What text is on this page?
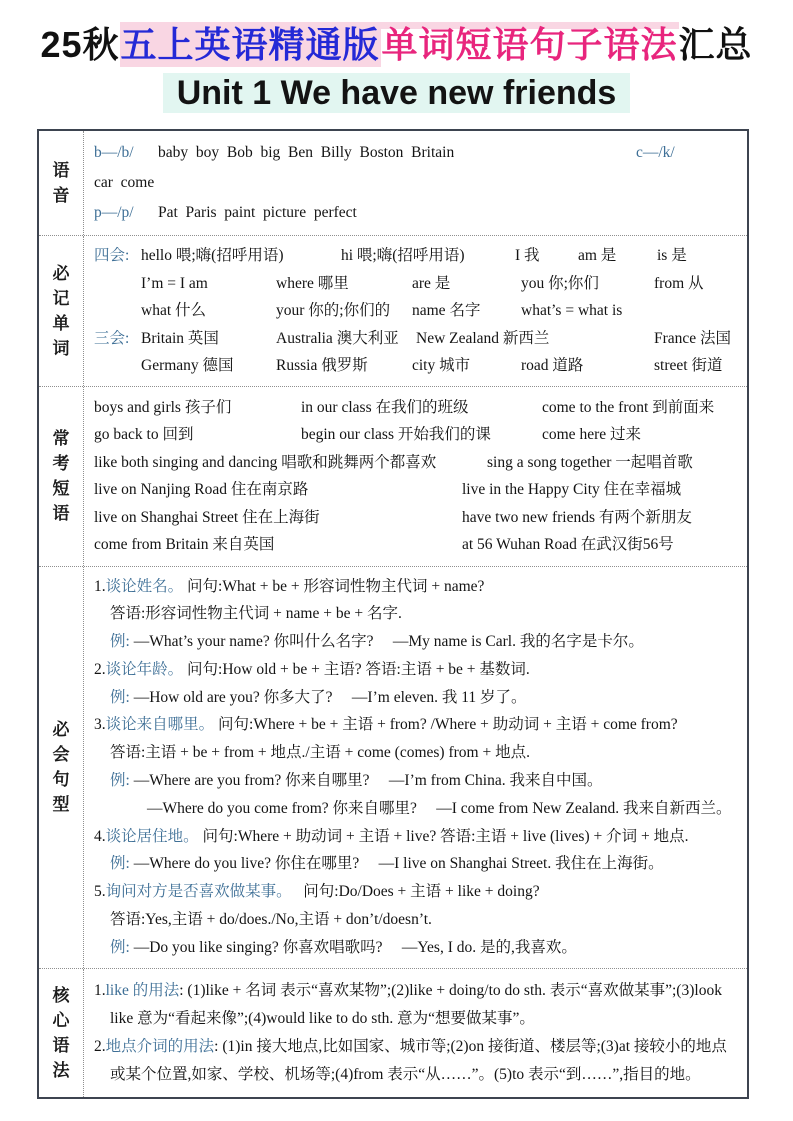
25秋五上英语精通版单词短语句子语法汇总
Unit 1 We have new friends
语
音
b—/b/ baby  boy  Bob  big  Ben  Billy  Boston  Britain	c—/k/car  come
p—/p/ Pat  Paris  paint  picture  perfect
必
记
单
词
四会: hello 喂;嗨(招呼用语)	hi 喂;嗨(招呼用语)	I 我 am 是	is 是
I’m = I am	where 哪里	are 是	you 你;你们	from 从
what 什么	your 你的;你们的 name 名字	what’s = what is
三会: Britain 英国	Australia 澳大利亚 New Zealand 新西兰	France 法国
Germany 德国	Russia 俄罗斯	city 城市	road 道路	street 街道
常
考
短
语
boys and girls 孩子们	in our class 在我们的班级	come to the front 到前面来
go back to 回到	begin our class 开始我们的课	come here 过来
like both singing and dancing 唱歌和跳舞两个都喜欢	sing a song together 一起唱首歌
live on Nanjing Road 住在南京路	live in the Happy City 住在幸福城
live on Shanghai Street 住在上海街	have two new friends 有两个新朋友
come from Britain 来自英国	at 56 Wuhan Road 在武汉街56号
必
会
句
型
1.谈论姓名。 问句:What + be + 形容词性物主代词 + name?
答语:形容词性物主代词 + name + be + 名字.
例: —What’s your name? 你叫什么名字?　 —My name is Carl. 我的名字是卡尔。
2.谈论年龄。 问句:How old + be + 主语? 答语:主语 + be + 基数词.
例: —How old are you? 你多大了?　 —I’m eleven. 我 11 岁了。
3.谈论来自哪里。 问句:Where + be + 主语 + from? /Where + 助动词 + 主语 + come from?
答语:主语 + be + from + 地点./主语 + come (comes) from + 地点.
例: —Where are you from? 你来自哪里?　 —I’m from China. 我来自中国。
—Where do you come from? 你来自哪里?　 —I come from New Zealand. 我来自新西兰。
4.谈论居住地。 问句:Where + 助动词 + 主语 + live? 答语:主语 + live (lives) + 介词 + 地点.
例: —Where do you live? 你住在哪里?　 —I live on Shanghai Street. 我住在上海街。
5.询问对方是否喜欢做某事。　 问句:Do/Does + 主语 + like + doing?
答语:Yes,主语 + do/does./No,主语 + don’t/doesn’t.
例: —Do you like singing? 你喜欢唱歌吗?　 —Yes, I do. 是的,我喜欢。
核
心
语
法
1.like 的用法: (1)like + 名词 表示“喜欢某物”;(2)like + doing/to do sth. 表示“喜欢做某事”;(3)look like 意为“看起来像”;(4)would like to do sth. 意为“想要做某事”。
2.地点介词的用法: (1)in 接大地点,比如国家、城市等;(2)on 接街道、楼层等;(3)at 接较小的地点或某个位置,如家、学校、机场等;(4)from 表示“从……”。(5)to 表示“到……”,指目的地。
